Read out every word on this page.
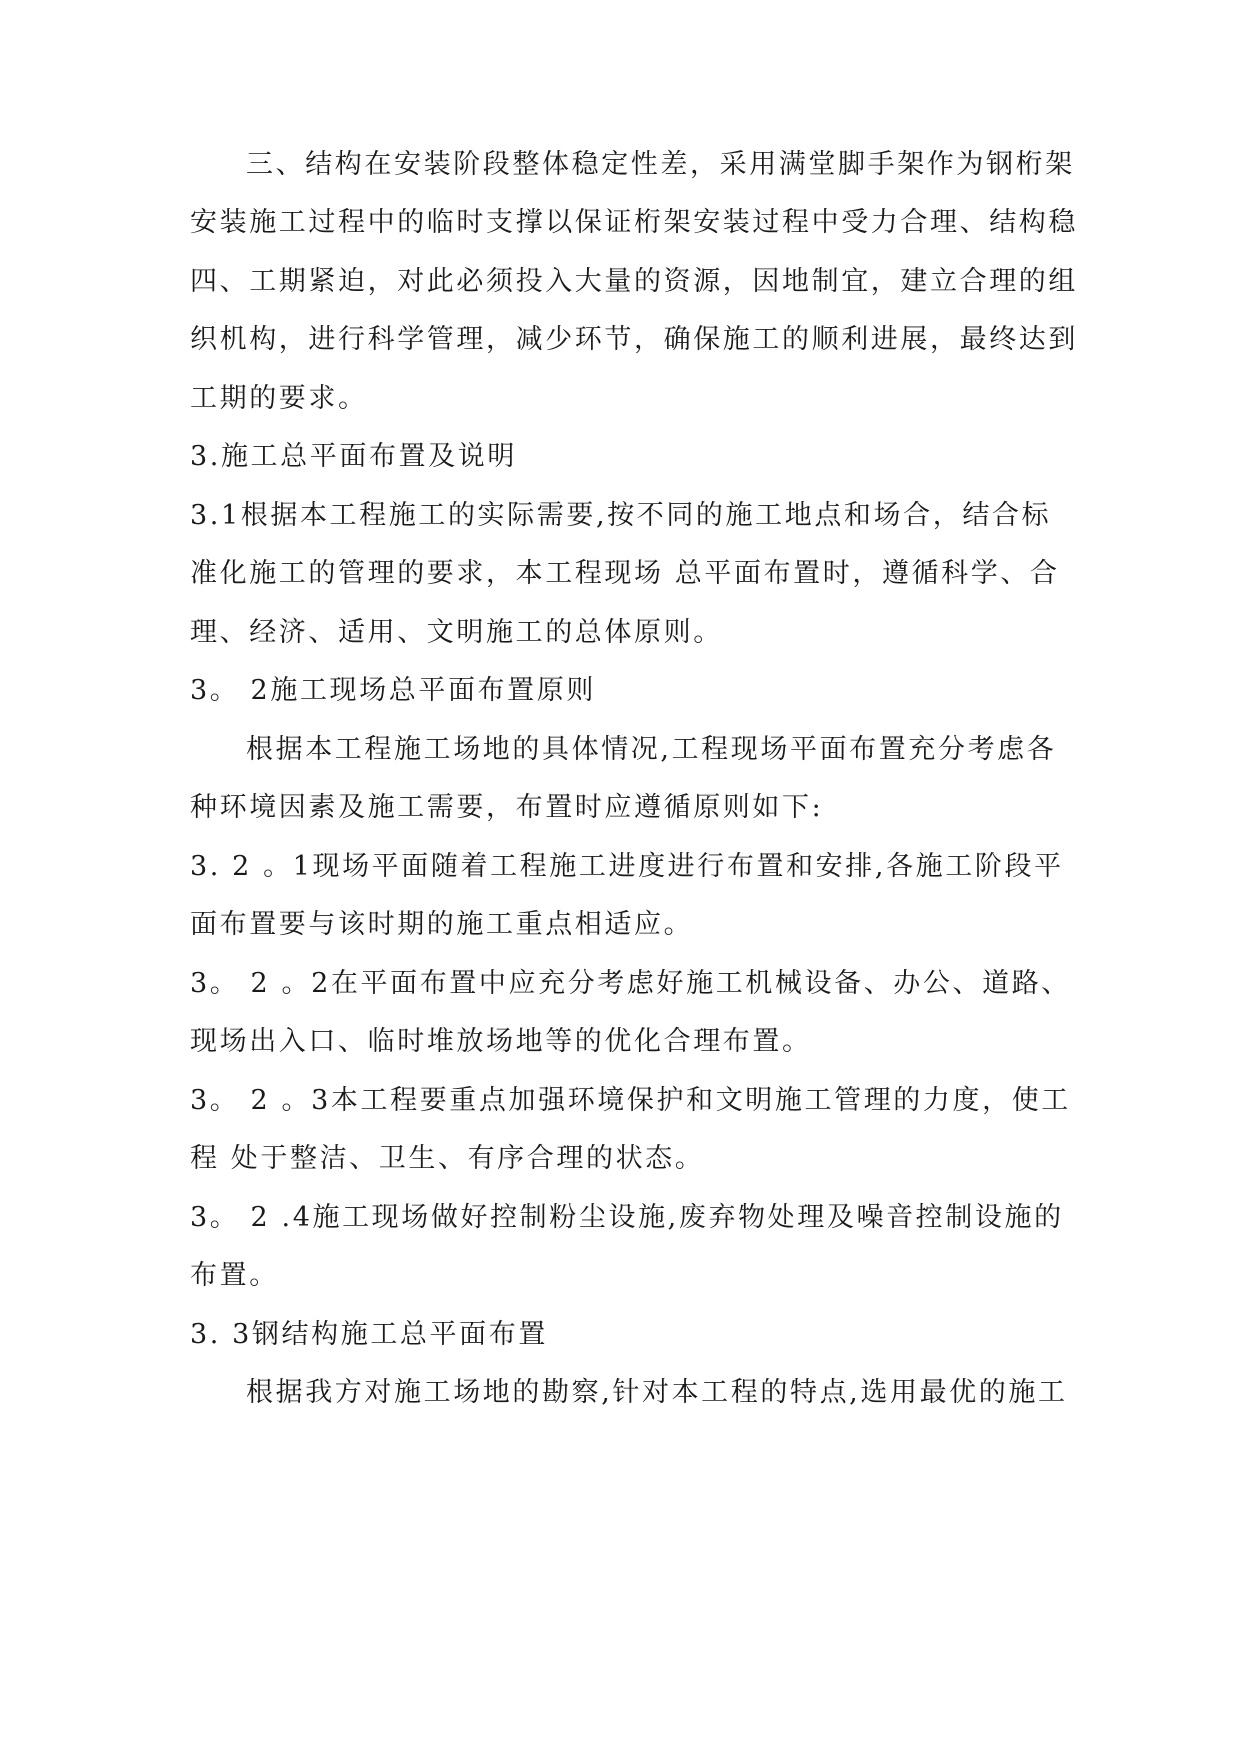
三、结构在安装阶段整体稳定性差，采用满堂脚手架作为钢桁架
安装施工过程中的临时支撑以保证桁架安装过程中受力合理、结构稳
四、工期紧迫，对此必须投入大量的资源，因地制宜，建立合理的组
织机构，进行科学管理，减少环节，确保施工的顺利进展，最终达到
工期的要求。
3.施工总平面布置及说明
3.1根据本工程施工的实际需要,按不同的施工地点和场合，结合标
准化施工的管理的要求，本工程现场 总平面布置时，遵循科学、合
理、经济、适用、文明施工的总体原则。
3。 2施工现场总平面布置原则
根据本工程施工场地的具体情况,工程现场平面布置充分考虑各
种环境因素及施工需要，布置时应遵循原则如下:
3. 2 。1现场平面随着工程施工进度进行布置和安排,各施工阶段平
面布置要与该时期的施工重点相适应。
3。 2 。2在平面布置中应充分考虑好施工机械设备、办公、道路、
现场出入口、临时堆放场地等的优化合理布置。
3。 2 。3本工程要重点加强环境保护和文明施工管理的力度，使工
程 处于整洁、卫生、有序合理的状态。
3。 2 .4施工现场做好控制粉尘设施,废弃物处理及噪音控制设施的
布置。
3. 3钢结构施工总平面布置
根据我方对施工场地的勘察,针对本工程的特点,选用最优的施工
